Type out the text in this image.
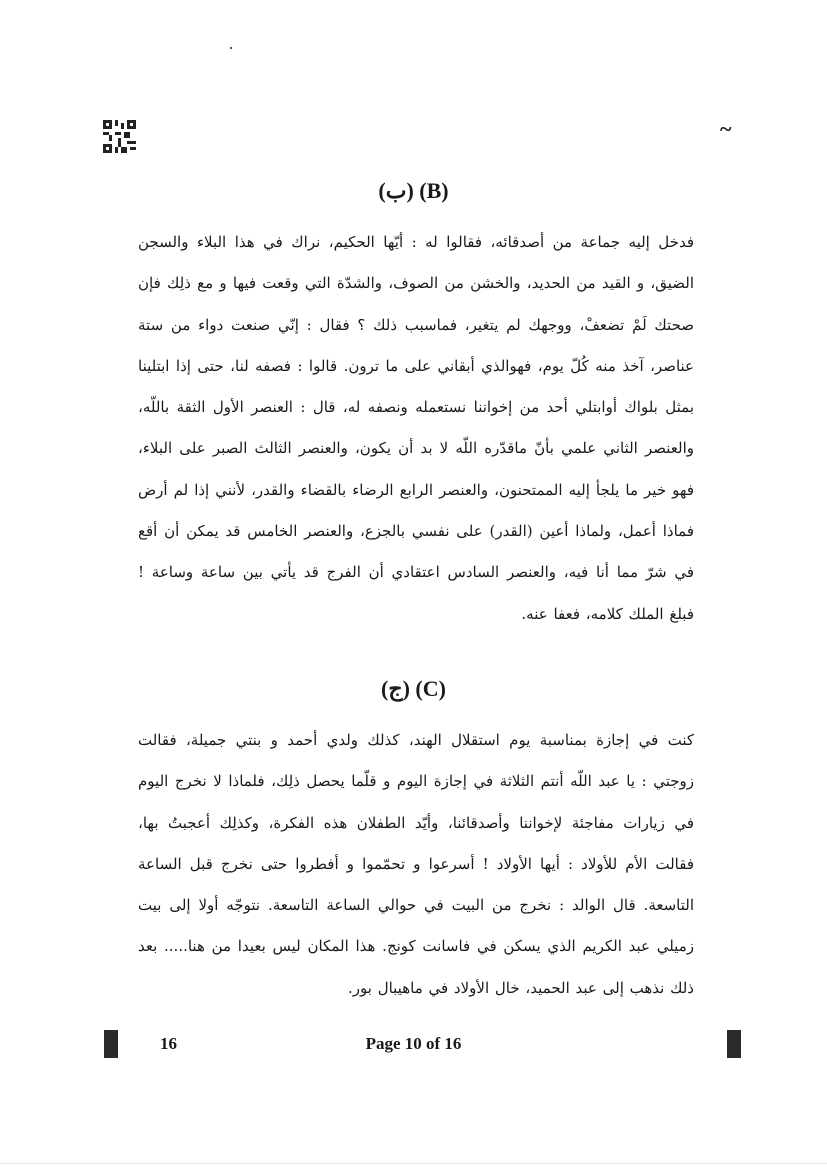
~
(ب) (B)

فدخل إليه جماعة من أصدقائه، فقالوا له : أيّها الحكيم، نراك في هذا البلاء والسجن الضيق، و القيد من الحديد، والخشن من الصوف، والشدّة التي وقعت فيها و مع ذلِك فإن صحتك لَمْ تضعفْ، ووجهك لم يتغير، فماسبب ذلك ؟ فقال : إنّي صنعت دواء من ستة عناصر، آخذ منه كُلّ يوم، فهوالذي أبقاني على ما ترون. قالوا : فصفه لنا، حتى إذا ابتلينا بمثل بلواك أوابتلي أحد من إخواننا نستعمله ونصفه له، قال : العنصر الأول الثقة باللّه، والعنصر الثاني علمي بأنّ ماقدّره اللّه لا بد أن يكون، والعنصر الثالث الصبر على البلاء، فهو خير ما يلجأ إليه الممتحنون، والعنصر الرابع الرضاء بالقضاء والقدر، لأنني إذا لم أرض فماذا أعمل، ولماذا أعين (القدر) على نفسي بالجزع، والعنصر الخامس قد يمكن أن أقع في شرّ مما أنا فيه، والعنصر السادس اعتقادي أن الفرج قد يأتي بين ساعة وساعة ! فبلغ الملك كلامه، فعفا عنه.

(ج) (C)

كنت في إجازة بمناسبة يوم استقلال الهند، كذلك ولدي أحمد و بنتي جميلة، فقالت زوجتي : يا عبد اللّه أنتم الثلاثة في إجازة اليوم و قلّما يحصل ذلِك، فلماذا لا نخرج اليوم في زيارات مفاجئة لإخواننا وأصدقائنا، وأيّد الطفلان هذه الفكرة، وكذلِك أعجبتُ بها، فقالت الأم للأولاد : أيها الأولاد ! أسرعوا و تحمّموا و أفطروا حتى نخرج قبل الساعة التاسعة. قال الوالد : نخرج من البيت في حوالي الساعة التاسعة. نتوجّه أولا إلى بيت زميلي عبد الكريم الذي يسكن في فاسانت كونج. هذا المكان ليس بعيدا من هنا..... بعد ذلك نذهب إلى عبد الحميد، خال الأولاد في ماهيبال بور.

16	Page 10 of 16
